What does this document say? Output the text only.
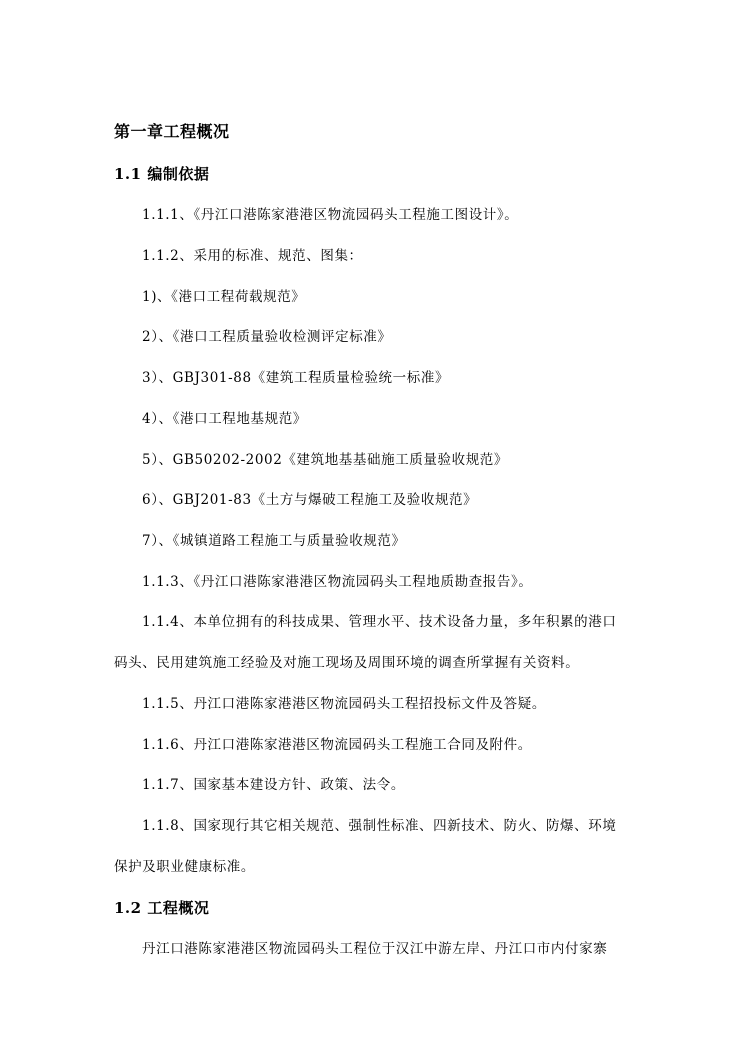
第一章工程概况
1.1 编制依据
1.1.1、《丹江口港陈家港港区物流园码头工程施工图设计》。
1.1.2、采用的标准、规范、图集：
1)、《港口工程荷载规范》
2）、《港口工程质量验收检测评定标准》
3）、GBJ301-88《建筑工程质量检验统一标准》
4）、《港口工程地基规范》
5）、GB50202-2002《建筑地基基础施工质量验收规范》
6）、GBJ201-83《土方与爆破工程施工及验收规范》
7）、《城镇道路工程施工与质量验收规范》
1.1.3、《丹江口港陈家港港区物流园码头工程地质勘查报告》。
1.1.4、本单位拥有的科技成果、管理水平、技术设备力量，多年积累的港口
码头、民用建筑施工经验及对施工现场及周围环境的调查所掌握有关资料。
1.1.5、丹江口港陈家港港区物流园码头工程招投标文件及答疑。
1.1.6、丹江口港陈家港港区物流园码头工程施工合同及附件。
1.1.7、国家基本建设方针、政策、法令。
1.1.8、国家现行其它相关规范、强制性标准、四新技术、防火、防爆、环境
保护及职业健康标准。
1.2 工程概况
丹江口港陈家港港区物流园码头工程位于汉江中游左岸、丹江口市内付家寨
